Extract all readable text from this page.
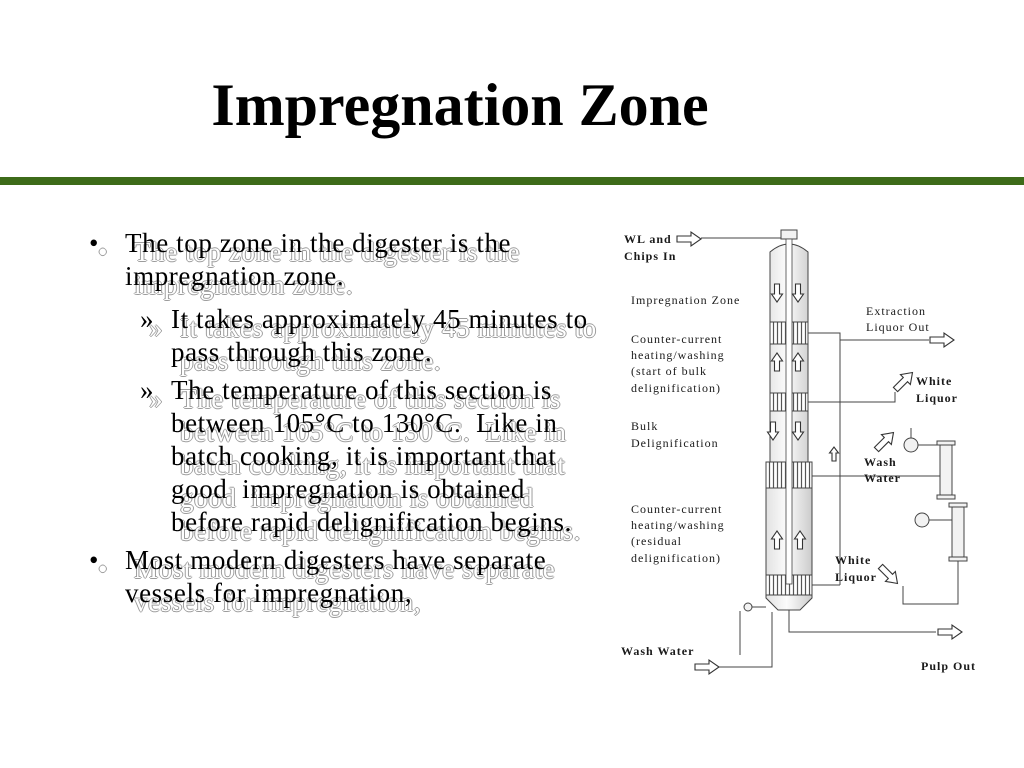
Impregnation Zone
• The top zone in the digester is the
impregnation zone.
» It takes approximately 45 minutes to
pass through this zone.
» The temperature of this section is
between 105°C to 130°C.  Like in
batch cooking, it is important that
good  impregnation is obtained
before rapid delignification begins.
• Most modern digesters have separate
vessels for impregnation,
WL and
Chips In
Impregnation Zone
Counter-current
heating/washing
(start of bulk
delignification)
Bulk
Delignification
Counter-current
heating/washing
(residual
delignification)
Extraction
Liquor Out
White
Liquor
Wash
Water
White
Liquor
Wash Water
Pulp Out
